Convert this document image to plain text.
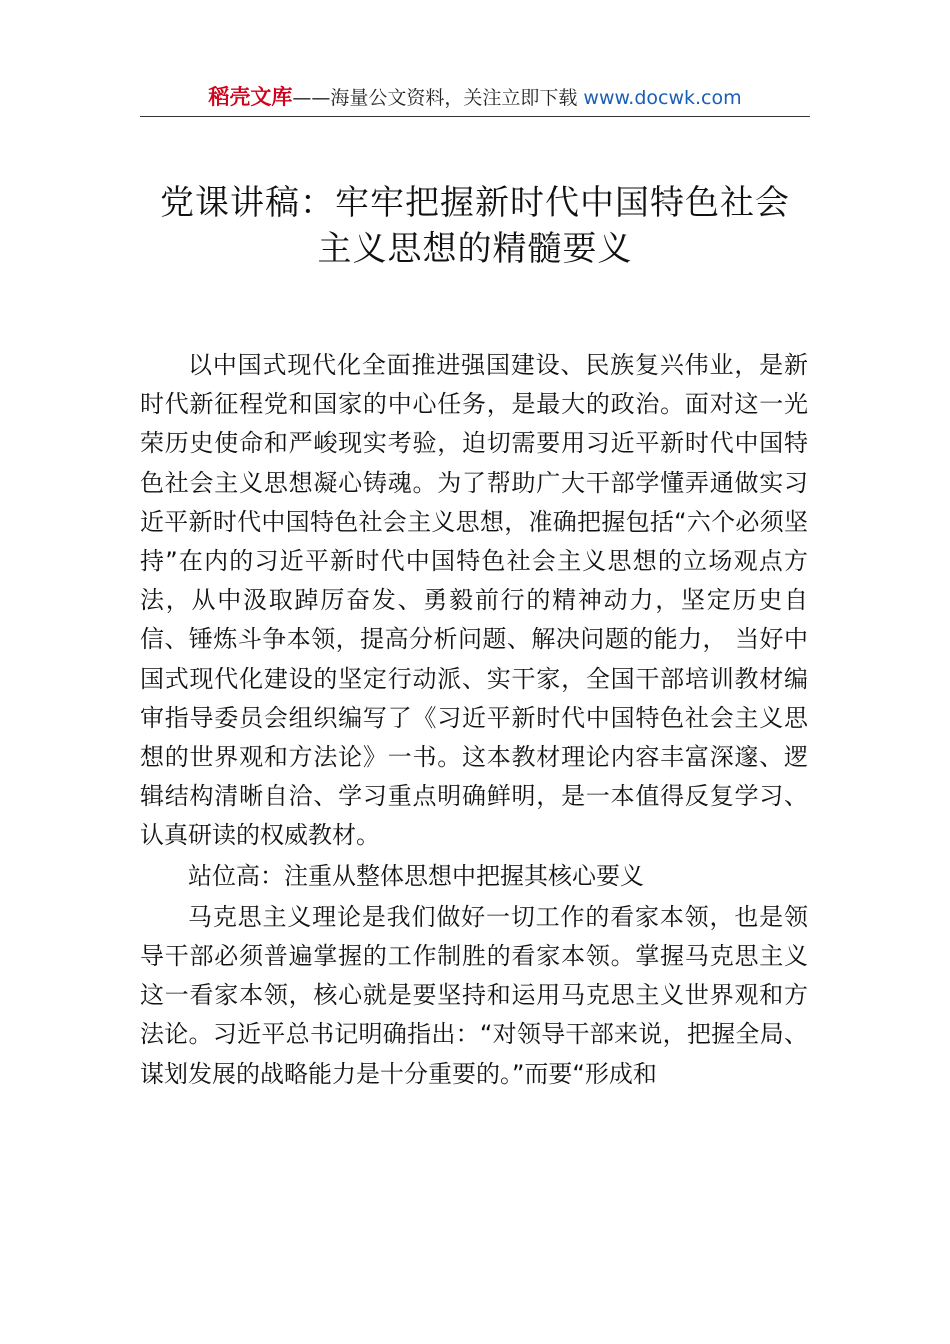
稻壳文库——海量公文资料，关注立即下载 www.docwk.com
党课讲稿：牢牢把握新时代中国特色社会
主义思想的精髓要义

以中国式现代化全面推进强国建设、民族复兴伟业，是新时代新征程党和国家的中心任务，是最大的政治。面对这一光荣历史使命和严峻现实考验，迫切需要用习近平新时代中国特色社会主义思想凝心铸魂。为了帮助广大干部学懂弄通做实习近平新时代中国特色社会主义思想，准确把握包括“六个必须坚持”在内的习近平新时代中国特色社会主义思想的立场观点方法，从中汲取踔厉奋发、勇毅前行的精神动力，坚定历史自信、锤炼斗争本领，提高分析问题、解决问题的能力， 当好中国式现代化建设的坚定行动派、实干家，全国干部培训教材编审指导委员会组织编写了《习近平新时代中国特色社会主义思想的世界观和方法论》一书。这本教材理论内容丰富深邃、逻辑结构清晰自洽、学习重点明确鲜明，是一本值得反复学习、认真研读的权威教材。

站位高：注重从整体思想中把握其核心要义

马克思主义理论是我们做好一切工作的看家本领，也是领导干部必须普遍掌握的工作制胜的看家本领。掌握马克思主义这一看家本领，核心就是要坚持和运用马克思主义世界观和方法论。习近平总书记明确指出：“对领导干部来说，把握全局、谋划发展的战略能力是十分重要的。”而要“形成和
